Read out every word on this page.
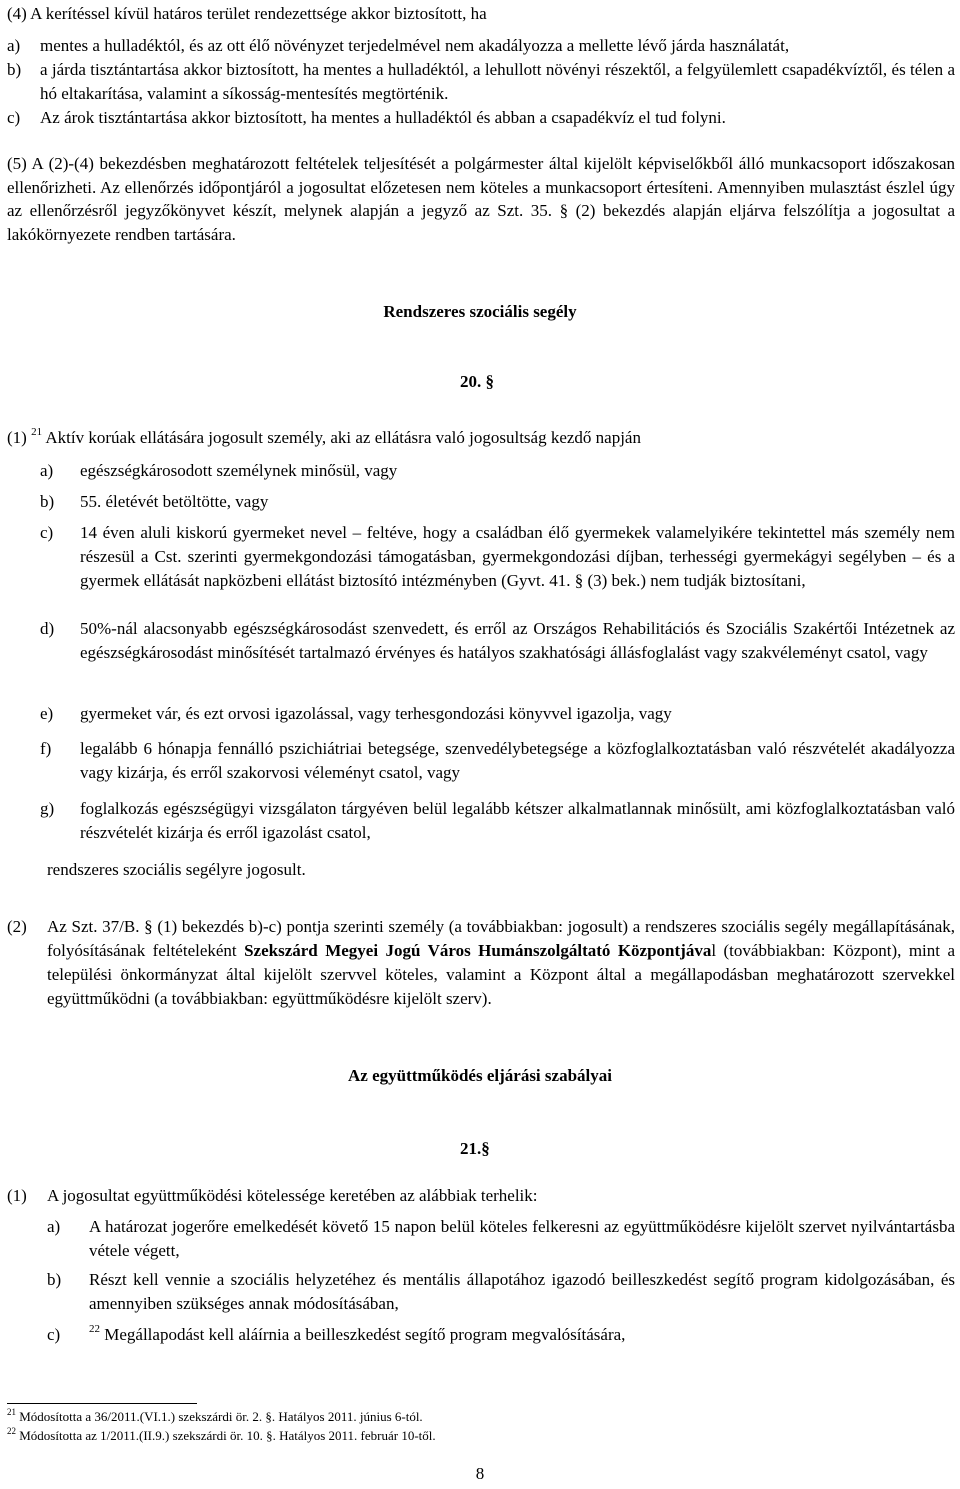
(4) A kerítéssel kívül határos terület rendezettsége akkor biztosított, ha
a) mentes a hulladéktól, és az ott élő növényzet terjedelmével nem akadályozza a mellette lévő járda használatát,
b) a járda tisztántartása akkor biztosított, ha mentes a hulladéktól, a lehullott növényi részektől, a felgyülemlett csapadékvíztől, és télen a hó eltakarítása, valamint a síkosság-mentesítés megtörténik.
c) Az árok tisztántartása akkor biztosított, ha mentes a hulladéktól és abban a csapadékvíz el tud folyni.
(5) A (2)-(4) bekezdésben meghatározott feltételek teljesítését a polgármester által kijelölt képviselőkből álló munkacsoport időszakosan ellenőrizheti. Az ellenőrzés időpontjáról a jogosultat előzetesen nem köteles a munkacsoport értesíteni. Amennyiben mulasztást észlel úgy az ellenőrzésről jegyzőkönyvet készít, melynek alapján a jegyző az Szt. 35. § (2) bekezdés alapján eljárva felszólítja a jogosultat a lakókörnyezete rendben tartására.
Rendszeres szociális segély
20. §
(1) $^{21}$ Aktív korúak ellátására jogosult személy, aki az ellátásra való jogosultság kezdő napján
a) egészségkárosodott személynek minősül, vagy
b) 55. életévét betöltötte, vagy
c) 14 éven aluli kiskorú gyermeket nevel – feltéve, hogy a családban élő gyermekek valamelyikére tekintettel más személy nem részesül a Cst. szerinti gyermekgondozási támogatásban, gyermekgondozási díjban, terhességi gyermekágyi segélyben – és a gyermek ellátását napközbeni ellátást biztosító intézményben (Gyvt. 41. § (3) bek.) nem tudják biztosítani,
d) 50%-nál alacsonyabb egészségkárosodást szenvedett, és erről az Országos Rehabilitációs és Szociális Szakértői Intézetnek az egészségkárosodást minősítését tartalmazó érvényes és hatályos szakhatósági állásfoglalást vagy szakvéleményt csatol, vagy
e) gyermeket vár, és ezt orvosi igazolással, vagy terhesgondozási könyvvel igazolja, vagy
f) legalább 6 hónapja fennálló pszichiátriai betegsége, szenvedélybetegsége a közfoglalkoztatásban való részvételét akadályozza vagy kizárja, és erről szakorvosi véleményt csatol, vagy
g) foglalkozás egészségügyi vizsgálaton tárgyéven belül legalább kétszer alkalmatlannak minősült, ami közfoglalkoztatásban való részvételét kizárja és erről igazolást csatol,
rendszeres szociális segélyre jogosult.
(2) Az Szt. 37/B. § (1) bekezdés b)-c) pontja szerinti személy (a továbbiakban: jogosult) a rendszeres szociális segély megállapításának, folyósításának feltételeként Szekszárd Megyei Jogú Város Humánszolgáltató Központjával (továbbiakban: Központ), mint a települési önkormányzat által kijelölt szervvel köteles, valamint a Központ által a megállapodásban meghatározott szervekkel együttműködni (a továbbiakban: együttműködésre kijelölt szerv).
Az együttműködés eljárási szabályai
21.§
(1) A jogosultat együttműködési kötelessége keretében az alábbiak terhelik:
a) A határozat jogerőre emelkedését követő 15 napon belül köteles felkeresni az együttműködésre kijelölt szervet nyilvántartásba vétele végett,
b) Részt kell vennie a szociális helyzetéhez és mentális állapotához igazodó beilleszkedést segítő program kidolgozásában, és amennyiben szükséges annak módosításában,
c)	$^{22}$ Megállapodást kell aláírnia a beilleszkedést segítő program megvalósítására,
$^{21}$ Módosította a 36/2011.(VI.1.) szekszárdi ör. 2. §. Hatályos 2011. június 6-tól.
$^{22}$ Módosította az 1/2011.(II.9.) szekszárdi ör. 10. §. Hatályos 2011. február 10-től.
8
